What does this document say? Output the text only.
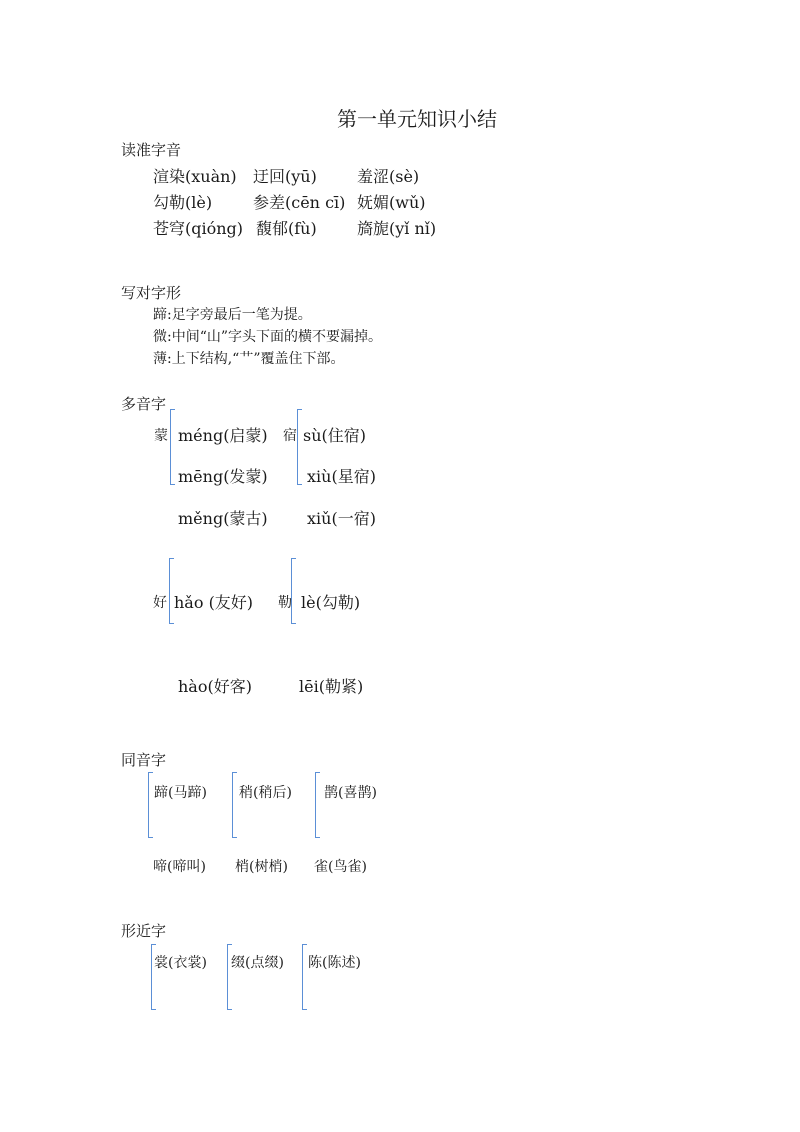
第一单元知识小结
读准字音
渲染(xuàn) 迂回(yū)	羞涩(sè)
勾勒(lè)	参差(cēn cī) 妩媚(wǔ)
苍穹(qióng) 馥郁(fù)	旖旎(yǐ nǐ)
写对字形
蹄:足字旁最后一笔为提。
微:中间“山”字头下面的横不要漏掉。
薄:上下结构,“艹”覆盖住下部。
多音字
蒙 méng(启蒙)
mēng(发蒙)
měng(蒙古)
宿 sù(住宿)
xiù(星宿)
xiǔ(一宿)
好 hǎo (友好)
hào(好客)
勒 lè(勾勒)
lēi(勒紧)
同音字
蹄(马蹄) 稍(稍后) 鹊(喜鹊)
啼(啼叫) 梢(树梢) 雀(鸟雀)
形近字
裳(衣裳) 缀(点缀) 陈(陈述)
